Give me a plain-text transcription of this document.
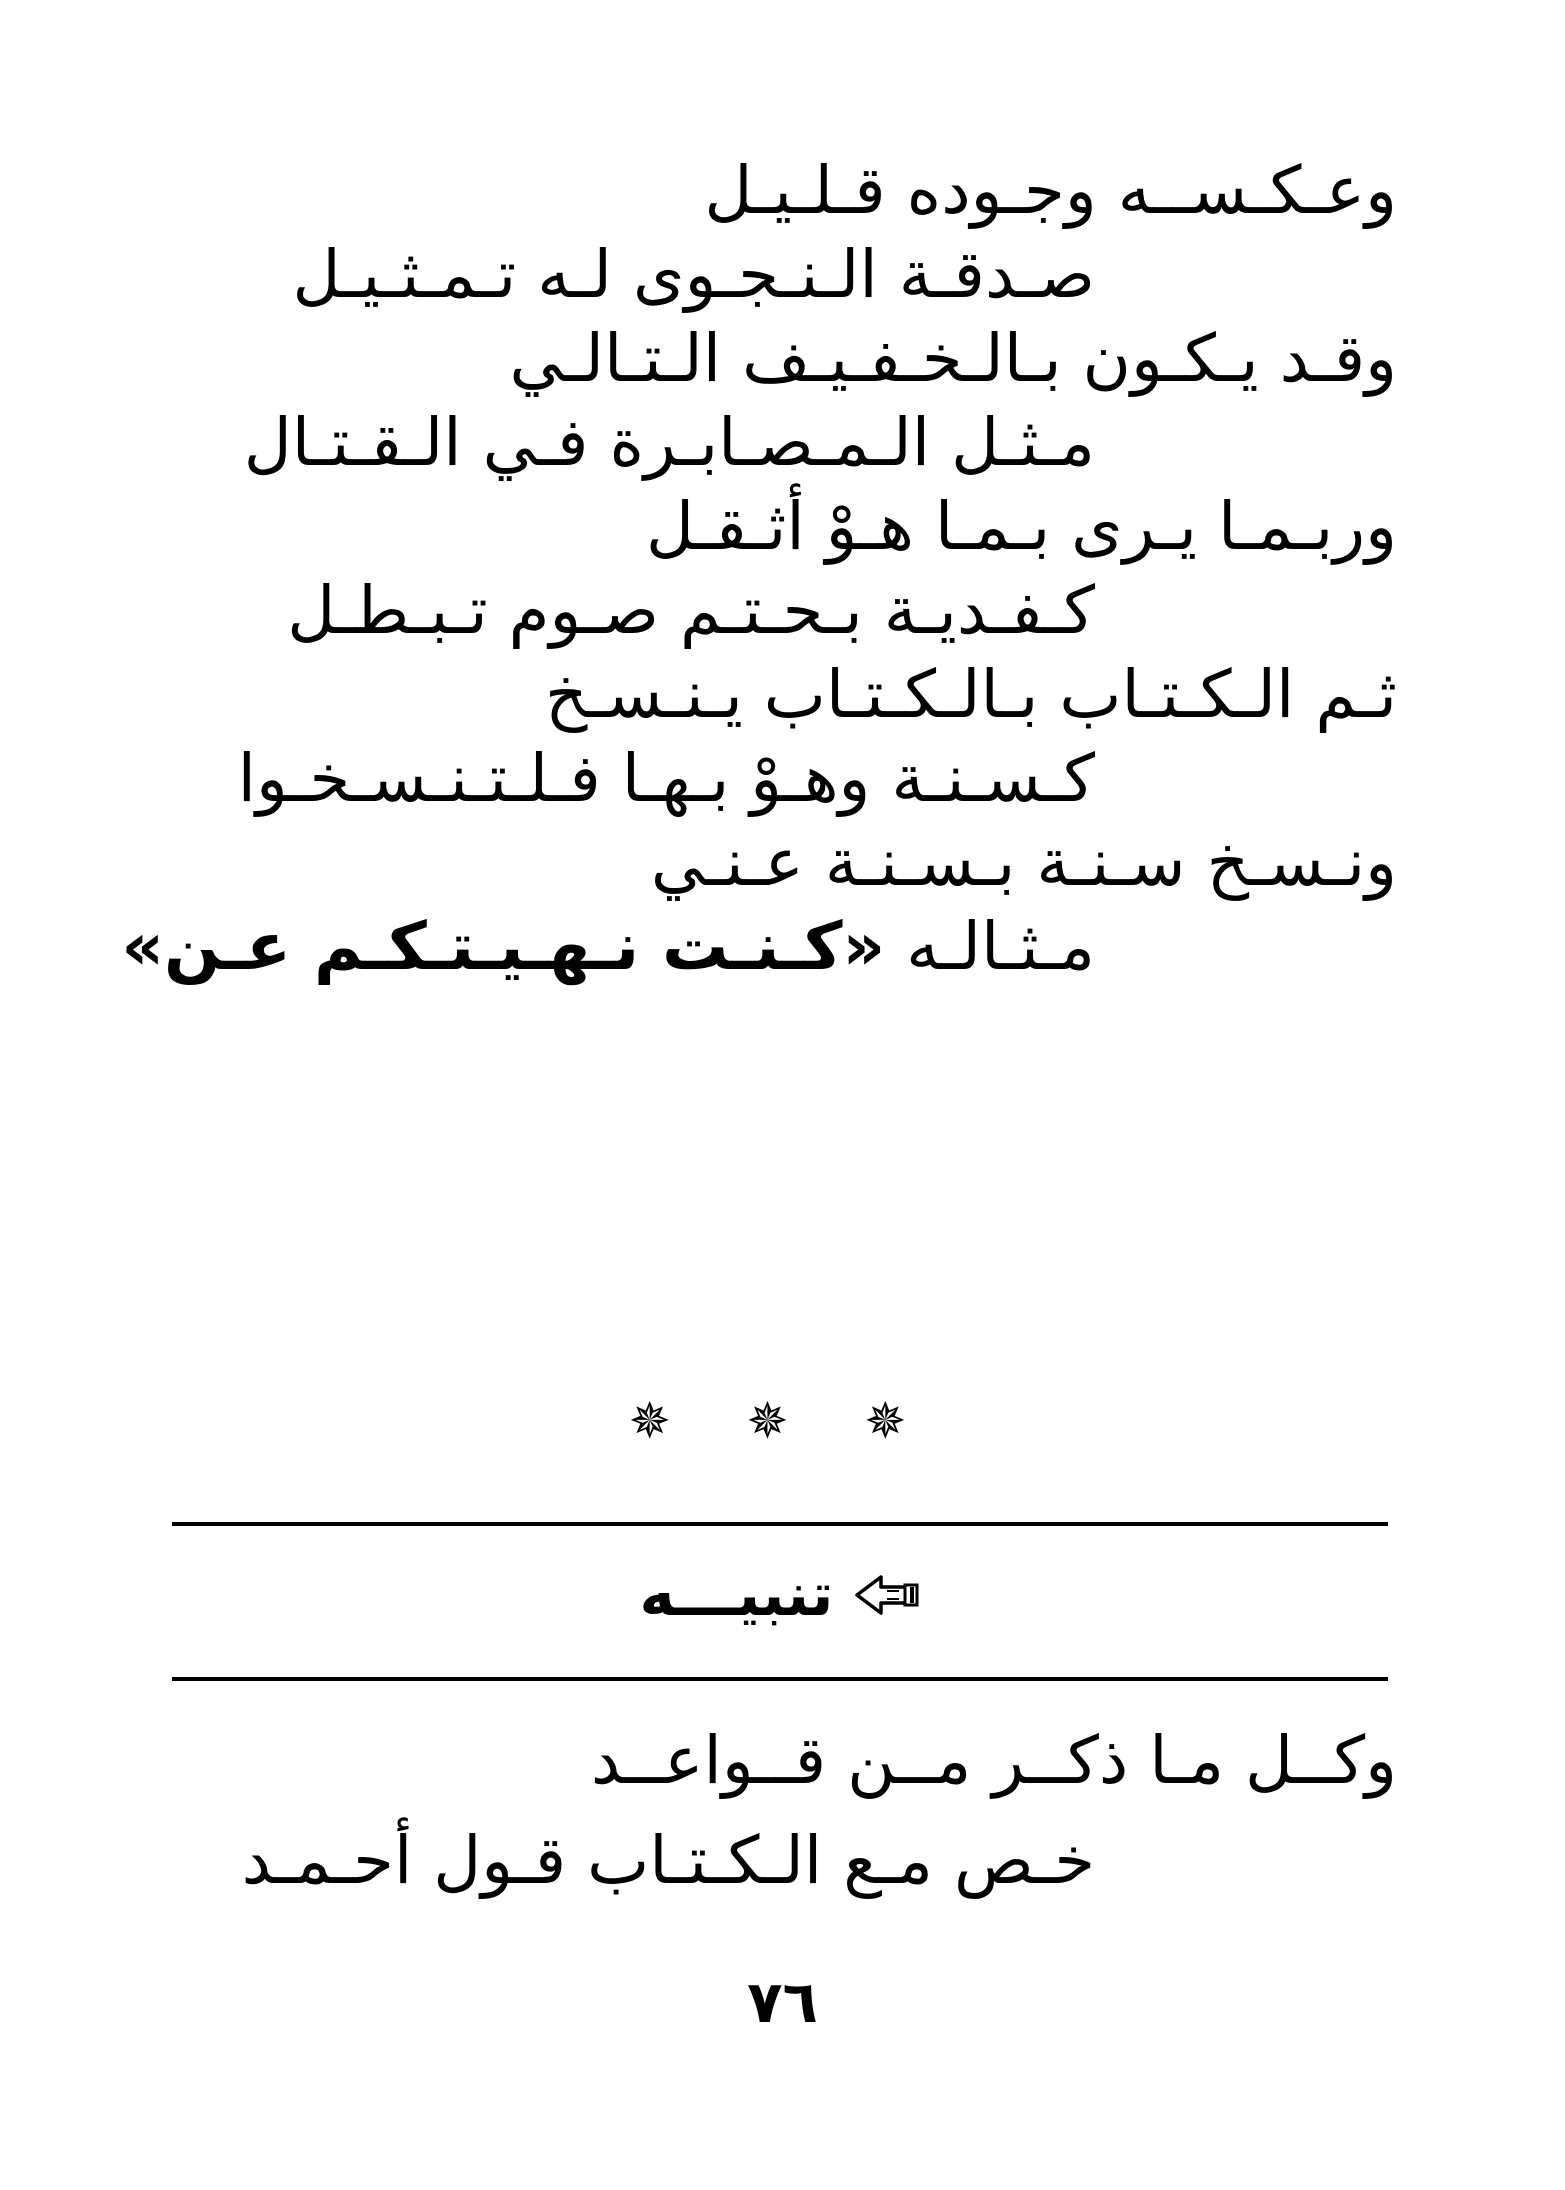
وعـكـســه وجـوده قـلـيـل
صـدقـة الـنـجـوى لـه تـمـثـيـل
وقـد يـكـون بـالـخـفـيـف الـتـالـي
مـثـل الـمـصـابـرة فـي الـقـتـال
وربـمـا يـرى بـمـا هـوْ أثـقـل
كـفـديـة بـحـتـم صـوم تـبـطـل
ثـم الـكـتـاب بـالـكـتـاب يـنـسـخ
كـسـنـة وهـوْ بـهـا فـلـتـنـسـخـوا
ونـسـخ سـنـة بـسـنـة عـنـي
مـثـالـه «كـنـت نـهـيـتـكـم عـن»
✵ ✵ ✵
تنبيـــه
وكــل مـا ذكــر مــن قــواعــد
خـص مـع الـكـتـاب قـول أحـمـد
٧٦
